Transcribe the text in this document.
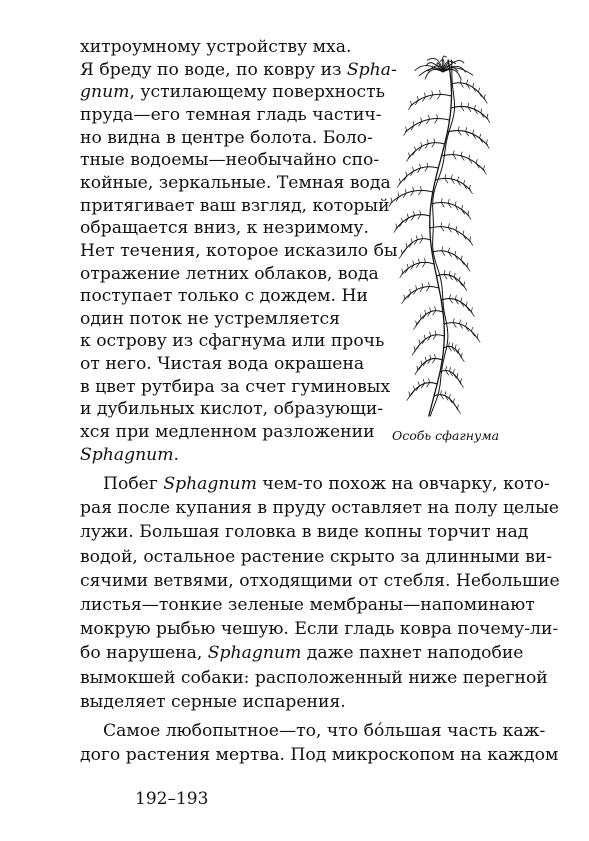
хитроумному устройству мха.
Я бреду по воде, по ковру из Spha-
gnum, устилающему поверхность
пруда—его темная гладь частич-
но видна в центре болота. Боло-
тные водоемы—необычайно спо-
койные, зеркальные. Темная вода
притягивает ваш взгляд, который
обращается вниз, к незримому.
Нет течения, которое исказило бы
отражение летних облаков, вода
поступает только с дождем. Ни
один поток не устремляется
к острову из сфагнума или прочь
от него. Чистая вода окрашена
в цвет рутбира за счет гуминовых
и дубильных кислот, образующи-
хся при медленном разложении
Sphagnum.
Побег Sphagnum чем-то похож на овчарку, кото-
рая после купания в пруду оставляет на полу целые
лужи. Большая головка в виде копны торчит над
водой, остальное растение скрыто за длинными ви-
сячими ветвями, отходящими от стебля. Небольшие
листья—тонкие зеленые мембраны—напоминают
мокрую рыбью чешую. Если гладь ковра почему-ли-
бо нарушена, Sphagnum даже пахнет наподобие
вымокшей собаки: расположенный ниже перегной
выделяет серные испарения.
Самое любопытное—то, что бóльшая часть каж-
дого растения мертва. Под микроскопом на каждом
Особь сфагнума
192–193
